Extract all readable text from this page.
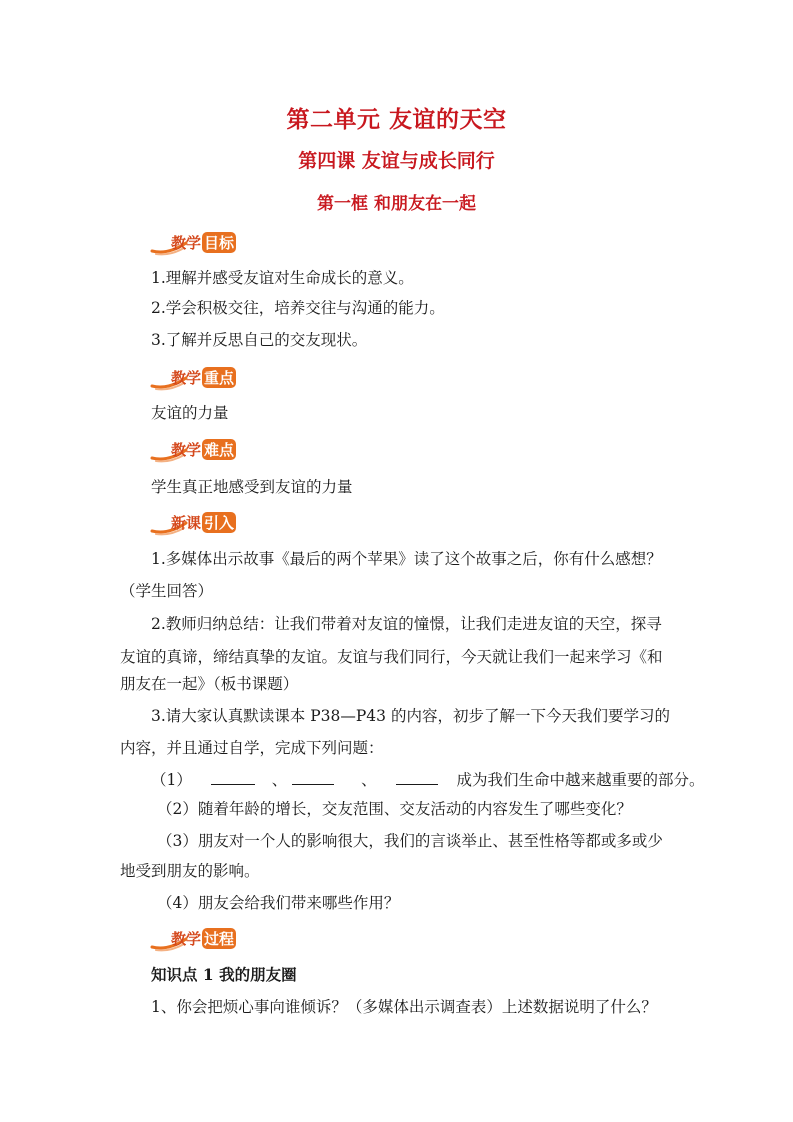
第二单元 友谊的天空
第四课 友谊与成长同行
第一框 和朋友在一起
教学 目标
1.理解并感受友谊对生命成长的意义。
2.学会积极交往，培养交往与沟通的能力。
3.了解并反思自己的交友现状。
教学 重点
友谊的力量
教学 难点
学生真正地感受到友谊的力量
新课 引入
1.多媒体出示故事《最后的两个苹果》读了这个故事之后，你有什么感想？
（学生回答）
2.教师归纳总结：让我们带着对友谊的憧憬，让我们走进友谊的天空，探寻
友谊的真谛，缔结真挚的友谊。友谊与我们同行，今天就让我们一起来学习《和
朋友在一起》（板书课题）
3.请大家认真默读课本 P38—P43 的内容，初步了解一下今天我们要学习的
内容，并且通过自学，完成下列问题：
（1）	、	、	成为我们生命中越来越重要的部分。
（2）随着年龄的增长，交友范围、交友活动的内容发生了哪些变化？
（3）朋友对一个人的影响很大，我们的言谈举止、甚至性格等都或多或少
地受到朋友的影响。
（4）朋友会给我们带来哪些作用？
教学 过程
知识点 1 我的朋友圈
1、你会把烦心事向谁倾诉？（多媒体出示调查表）上述数据说明了什么？
